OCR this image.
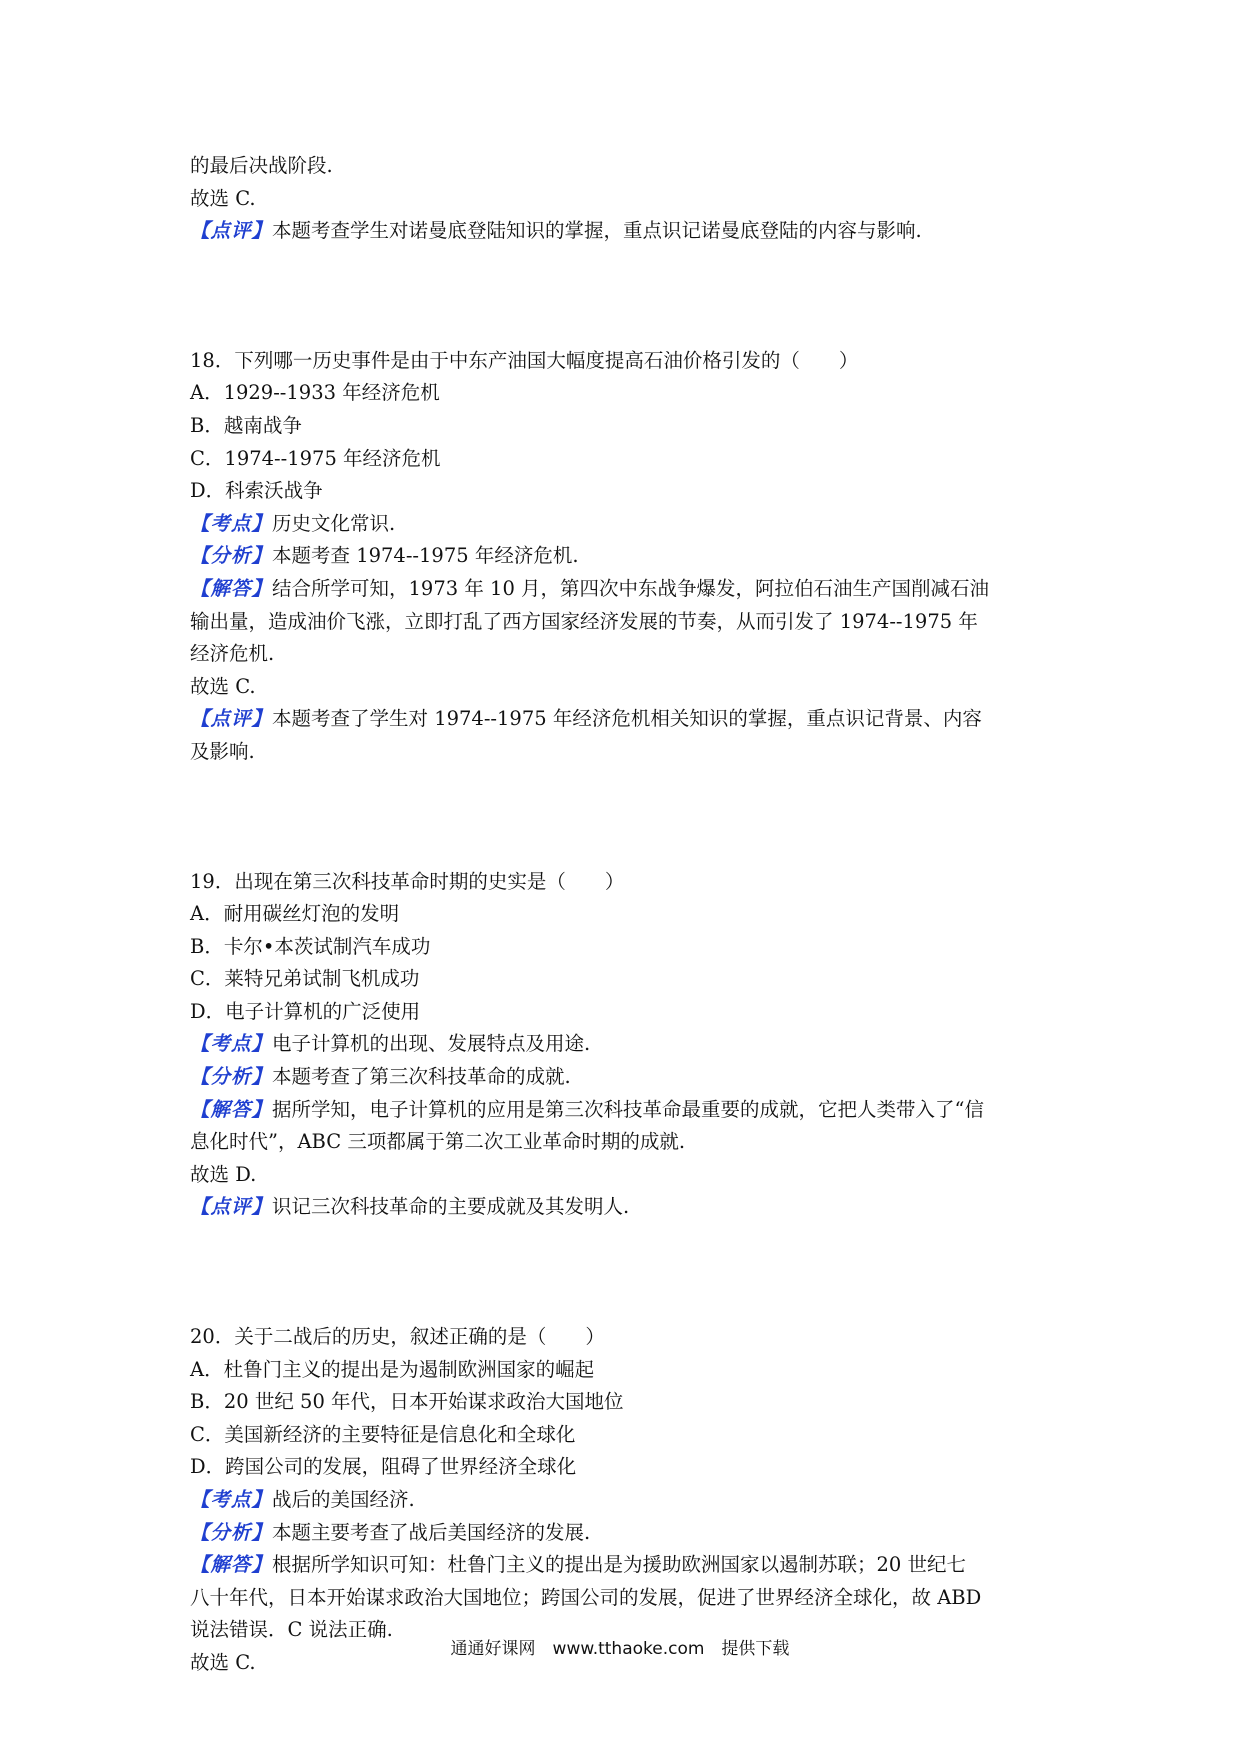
的最后决战阶段.
故选 C.
【点评】本题考查学生对诺曼底登陆知识的掌握，重点识记诺曼底登陆的内容与影响.
18．下列哪一历史事件是由于中东产油国大幅度提高石油价格引发的（　　）
A．1929--1933 年经济危机
B．越南战争
C．1974--1975 年经济危机
D．科索沃战争
【考点】历史文化常识.
【分析】本题考查 1974--1975 年经济危机.
【解答】结合所学可知，1973 年 10 月，第四次中东战争爆发，阿拉伯石油生产国削减石油
输出量，造成油价飞涨，立即打乱了西方国家经济发展的节奏，从而引发了 1974--1975 年
经济危机.
故选 C.
【点评】本题考查了学生对 1974--1975 年经济危机相关知识的掌握，重点识记背景、内容
及影响.
19．出现在第三次科技革命时期的史实是（　　）
A．耐用碳丝灯泡的发明
B．卡尔•本茨试制汽车成功
C．莱特兄弟试制飞机成功
D．电子计算机的广泛使用
【考点】电子计算机的出现、发展特点及用途.
【分析】本题考查了第三次科技革命的成就.
【解答】据所学知，电子计算机的应用是第三次科技革命最重要的成就，它把人类带入了“信
息化时代”，ABC 三项都属于第二次工业革命时期的成就.
故选 D.
【点评】识记三次科技革命的主要成就及其发明人.
20．关于二战后的历史，叙述正确的是（　　）
A．杜鲁门主义的提出是为遏制欧洲国家的崛起
B．20 世纪 50 年代，日本开始谋求政治大国地位
C．美国新经济的主要特征是信息化和全球化
D．跨国公司的发展，阻碍了世界经济全球化
【考点】战后的美国经济.
【分析】本题主要考查了战后美国经济的发展.
【解答】根据所学知识可知：杜鲁门主义的提出是为援助欧洲国家以遏制苏联；20 世纪七
八十年代，日本开始谋求政治大国地位；跨国公司的发展，促进了世界经济全球化，故 ABD
说法错误．C 说法正确.
故选 C.
通通好课网　www.tthaoke.com　提供下载
